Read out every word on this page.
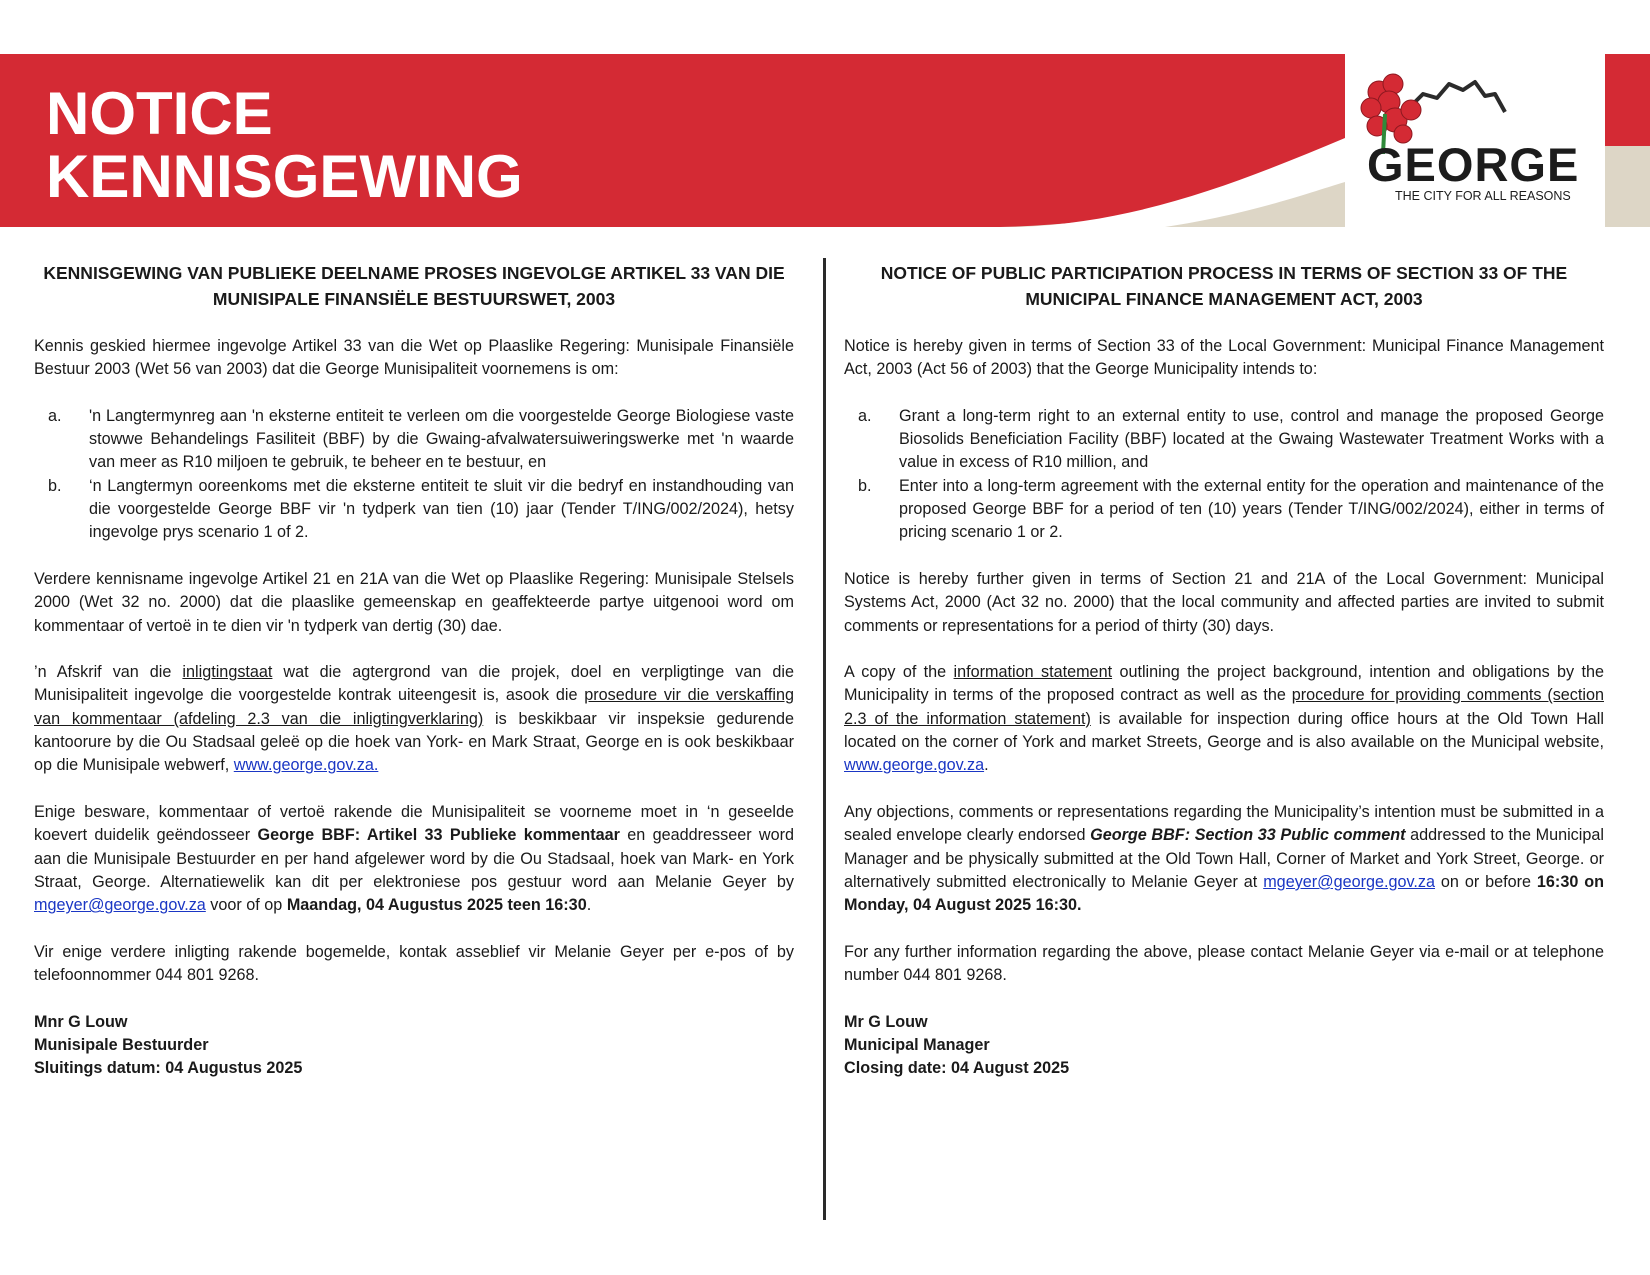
NOTICE
KENNISGEWING	GEORGE
THE CITY FOR ALL REASONS
KENNISGEWING VAN PUBLIEKE DEELNAME PROSES INGEVOLGE ARTIKEL 33 VAN DIE MUNISIPALE FINANSIËLE BESTUURSWET, 2003

Kennis geskied hiermee ingevolge Artikel 33 van die Wet op Plaaslike Regering: Munisipale Finansiële Bestuur 2003 (Wet 56 van 2003) dat die George Munisipaliteit voornemens is om:

a. 'n Langtermynreg aan 'n eksterne entiteit te verleen om die voorgestelde George Biologiese vaste stowwe Behandelings Fasiliteit (BBF) by die Gwaing-afvalwatersuiweringswerke met 'n waarde van meer as R10 miljoen te gebruik, te beheer en te bestuur, en
b. ‘n Langtermyn ooreenkoms met die eksterne entiteit te sluit vir die bedryf en instandhouding van die voorgestelde George BBF vir 'n tydperk van tien (10) jaar (Tender T/ING/002/2024), hetsy ingevolge prys scenario 1 of 2.

Verdere kennisname ingevolge Artikel 21 en 21A van die Wet op Plaaslike Regering: Munisipale Stelsels 2000 (Wet 32 no. 2000) dat die plaaslike gemeenskap en geaffekteerde partye uitgenooi word om kommentaar of vertoë in te dien vir 'n tydperk van dertig (30) dae.

’n Afskrif van die inligtingstaat wat die agtergrond van die projek, doel en verpligtinge van die Munisipaliteit ingevolge die voorgestelde kontrak uiteengesit is, asook die prosedure vir die verskaffing van kommentaar (afdeling 2.3 van die inligtingverklaring) is beskikbaar vir inspeksie gedurende kantoorure by die Ou Stadsaal geleë op die hoek van York- en Mark Straat, George en is ook beskikbaar op die Munisipale webwerf, www.george.gov.za.

Enige besware, kommentaar of vertoë rakende die Munisipaliteit se voorneme moet in ‘n geseelde koevert duidelik geëndosseer George BBF: Artikel 33 Publieke kommentaar en geaddresseer word aan die Munisipale Bestuurder en per hand afgelewer word by die Ou Stadsaal, hoek van Mark- en York Straat, George. Alternatiewelik kan dit per elektroniese pos gestuur word aan Melanie Geyer by mgeyer@george.gov.za voor of op Maandag, 04 Augustus 2025 teen 16:30.

Vir enige verdere inligting rakende bogemelde, kontak asseblief vir Melanie Geyer per e-pos of by telefoonnommer 044 801 9268.

Mnr G Louw
Munisipale Bestuurder
Sluitings datum: 04 Augustus 2025

NOTICE OF PUBLIC PARTICIPATION PROCESS IN TERMS OF SECTION 33 OF THE MUNICIPAL FINANCE MANAGEMENT ACT, 2003

Notice is hereby given in terms of Section 33 of the Local Government: Municipal Finance Management Act, 2003 (Act 56 of 2003) that the George Municipality intends to:

a. Grant a long-term right to an external entity to use, control and manage the proposed George Biosolids Beneficiation Facility (BBF) located at the Gwaing Wastewater Treatment Works with a value in excess of R10 million, and
b. Enter into a long-term agreement with the external entity for the operation and maintenance of the proposed George BBF for a period of ten (10) years (Tender T/ING/002/2024), either in terms of pricing scenario 1 or 2.

Notice is hereby further given in terms of Section 21 and 21A of the Local Government: Municipal Systems Act, 2000 (Act 32 no. 2000) that the local community and affected parties are invited to submit comments or representations for a period of thirty (30) days.

A copy of the information statement outlining the project background, intention and obligations by the Municipality in terms of the proposed contract as well as the procedure for providing comments (section 2.3 of the information statement) is available for inspection during office hours at the Old Town Hall located on the corner of York and market Streets, George and is also available on the Municipal website, www.george.gov.za.

Any objections, comments or representations regarding the Municipality’s intention must be submitted in a sealed envelope clearly endorsed George BBF: Section 33 Public comment addressed to the Municipal Manager and be physically submitted at the Old Town Hall, Corner of Market and York Street, George. or alternatively submitted electronically to Melanie Geyer at mgeyer@george.gov.za on or before 16:30 on Monday, 04 August 2025 16:30.

For any further information regarding the above, please contact Melanie Geyer via e-mail or at telephone number 044 801 9268.

Mr G Louw
Municipal Manager
Closing date: 04 August 2025
